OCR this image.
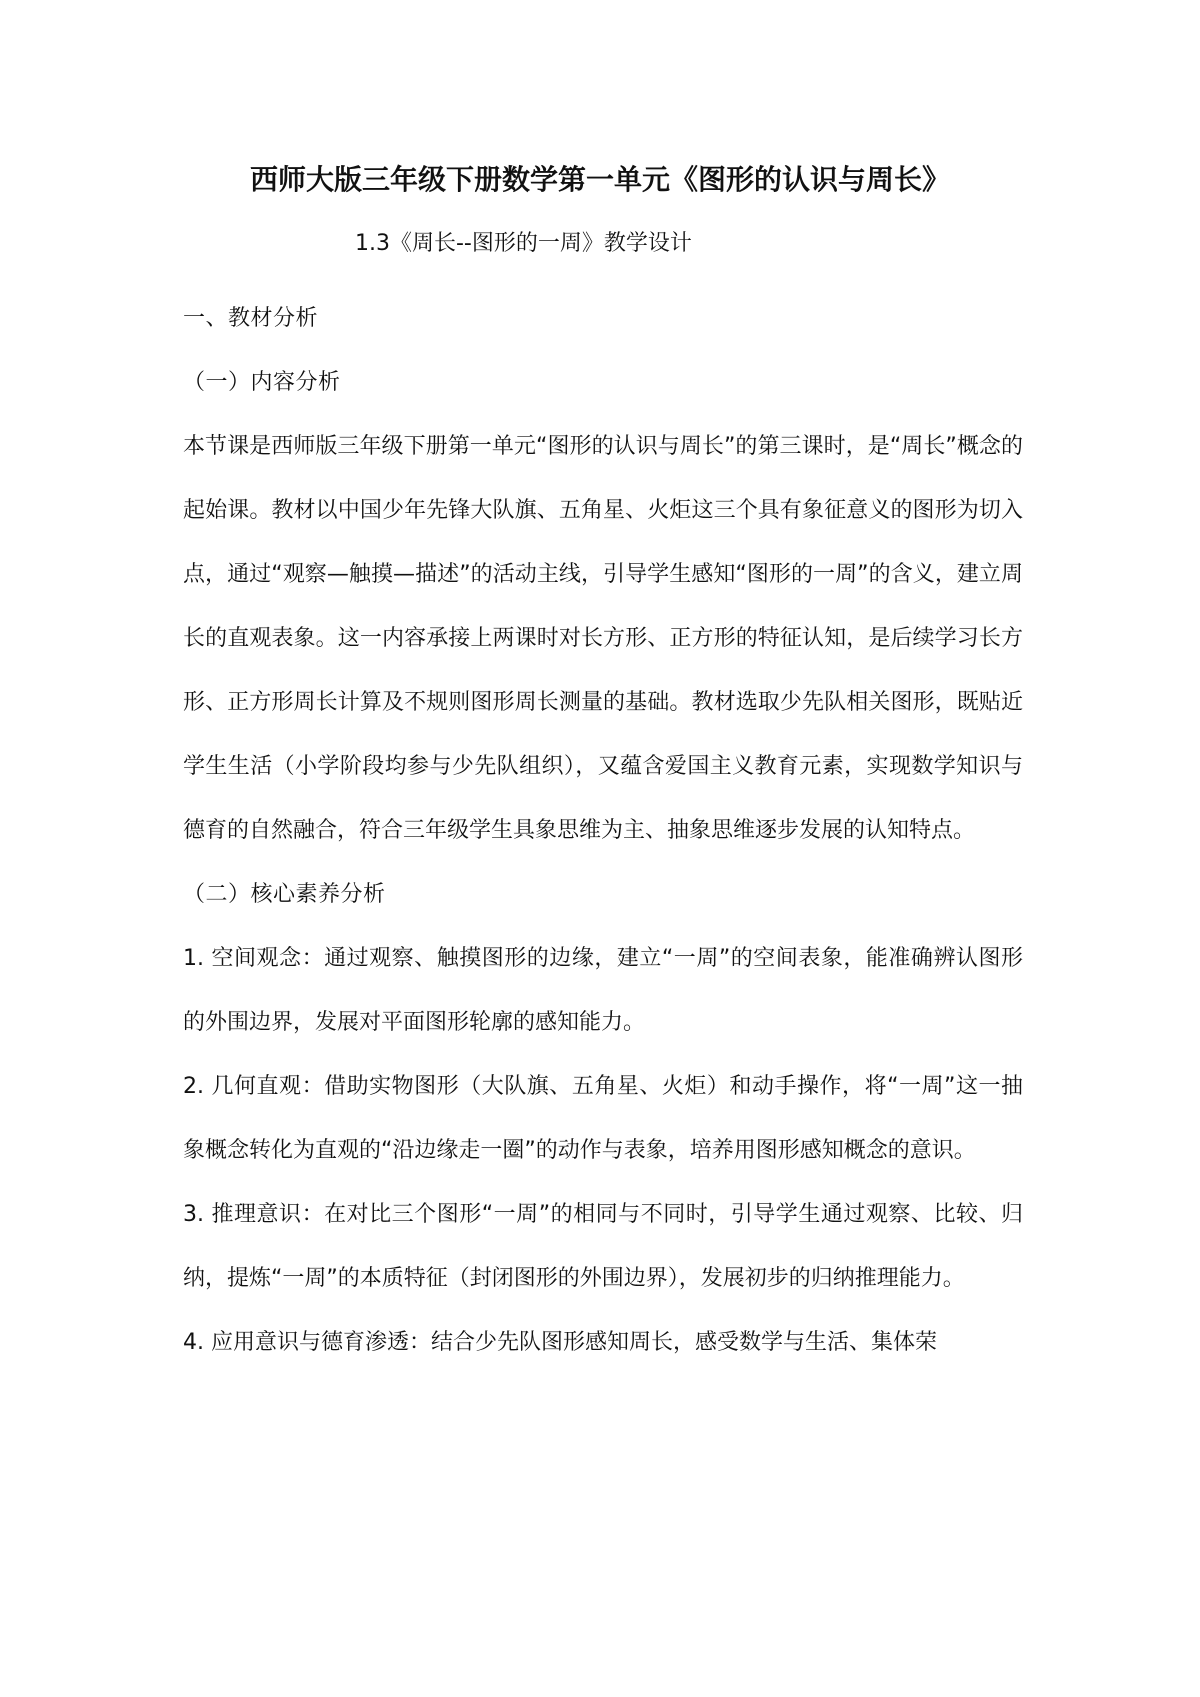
西师大版三年级下册数学第一单元《图形的认识与周长》
1.3《周长--图形的一周》教学设计

一、教材分析

（一）内容分析

本节课是西师版三年级下册第一单元“图形的认识与周长”的第三课时，是“周长”概念的起始课。教材以中国少年先锋大队旗、五角星、火炬这三个具有象征意义的图形为切入点，通过“观察—触摸—描述”的活动主线，引导学生感知“图形的一周”的含义，建立周长的直观表象。这一内容承接上两课时对长方形、正方形的特征认知，是后续学习长方形、正方形周长计算及不规则图形周长测量的基础。教材选取少先队相关图形，既贴近学生生活（小学阶段均参与少先队组织），又蕴含爱国主义教育元素，实现数学知识与德育的自然融合，符合三年级学生具象思维为主、抽象思维逐步发展的认知特点。

（二）核心素养分析

1. 空间观念：通过观察、触摸图形的边缘，建立“一周”的空间表象，能准确辨认图形的外围边界，发展对平面图形轮廓的感知能力。

2. 几何直观：借助实物图形（大队旗、五角星、火炬）和动手操作，将“一周”这一抽象概念转化为直观的“沿边缘走一圈”的动作与表象，培养用图形感知概念的意识。

3. 推理意识：在对比三个图形“一周”的相同与不同时，引导学生通过观察、比较、归纳，提炼“一周”的本质特征（封闭图形的外围边界），发展初步的归纳推理能力。

4. 应用意识与德育渗透：结合少先队图形感知周长，感受数学与生活、集体荣
